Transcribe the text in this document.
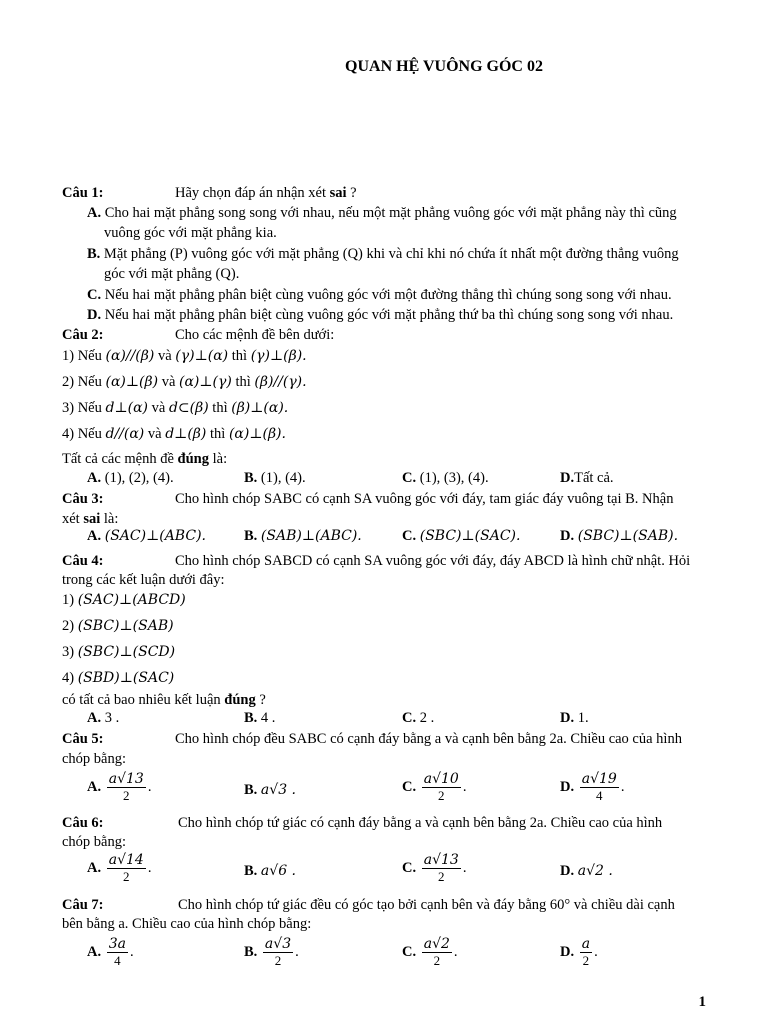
QUAN HỆ VUÔNG GÓC 02
Câu 1:	Hãy chọn đáp án nhận xét sai ?
A. Cho hai mặt phẳng song song với nhau, nếu một mặt phẳng vuông góc với mặt phẳng này thì cũng
vuông góc với mặt phẳng kia.
B. Mặt phẳng (P) vuông góc với mặt phẳng (Q) khi và chỉ khi nó chứa ít nhất một đường thẳng vuông
góc với mặt phẳng (Q).
C. Nếu hai mặt phẳng phân biệt cùng vuông góc với một đường thẳng thì chúng song song với nhau.
D. Nếu hai mặt phẳng phân biệt cùng vuông góc với mặt phẳng thứ ba thì chúng song song với nhau.
Câu 2:	Cho các mệnh đề bên dưới:
1) Nếu (α)//(β) và (γ)⊥(α) thì (γ)⊥(β).
2) Nếu (α)⊥(β) và (α)⊥(γ) thì (β)//(γ).
3) Nếu d⊥(α) và d⊂(β) thì (β)⊥(α).
4) Nếu d//(α) và d⊥(β) thì (α)⊥(β).
Tất cả các mệnh đề đúng là:
A. (1), (2), (4).	B. (1), (4).	C. (1), (3), (4).	D.Tất cả.
Câu 3:	Cho hình chóp SABC có cạnh SA vuông góc với đáy, tam giác đáy vuông tại B. Nhận
xét sai là:
A. (SAC)⊥(ABC).	B. (SAB)⊥(ABC).	C. (SBC)⊥(SAC).	D. (SBC)⊥(SAB).
Câu 4:	Cho hình chóp SABCD có cạnh SA vuông góc với đáy, đáy ABCD là hình chữ nhật. Hỏi
trong các kết luận dưới đây:
1) (SAC)⊥(ABCD)
2) (SBC)⊥(SAB)
3) (SBC)⊥(SCD)
4) (SBD)⊥(SAC)
có tất cả bao nhiêu kết luận đúng ?
A. 3 .	B. 4 .	C. 2 .	D. 1.
Câu 5:	Cho hình chóp đều SABC có cạnh đáy bằng a và cạnh bên bằng 2a. Chiều cao của hình
chóp bằng:
A. $\frac{a√13}{2}$ .	B. a√3 .	C. $\frac{a√10}{2}$ .	D. $\frac{a√19}{4}$ .
Câu 6:	Cho hình chóp tứ giác có cạnh đáy bằng a và cạnh bên bằng 2a. Chiều cao của hình
chóp bằng:
A. $\frac{a√14}{2}$ .	B. a√6 .	C. $\frac{a√13}{2}$ .	D. a√2 .
Câu 7:	Cho hình chóp tứ giác đều có góc tạo bởi cạnh bên và đáy bằng 60° và chiều dài cạnh
bên bằng a. Chiều cao của hình chóp bằng:
A. $\frac{3a}{4}$ .	B. $\frac{a√3}{2}$ .	C. $\frac{a√2}{2}$ .	D. $\frac{a}{2}$ .
1
